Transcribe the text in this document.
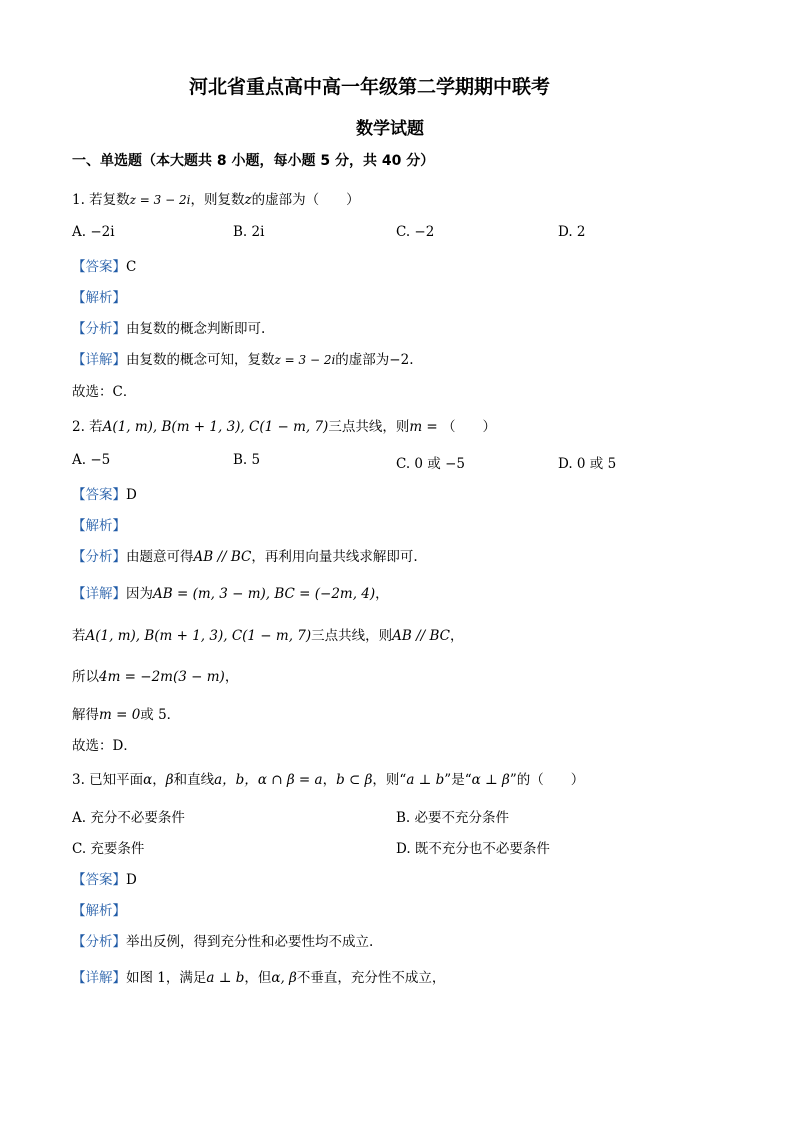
河北省重点高中高一年级第二学期期中联考
数学试题
一、单选题（本大题共 8 小题，每小题 5 分，共 40 分）
1. 若复数z = 3 − 2i，则复数z的虚部为（　　）
A. −2i	B. 2i	C. −2	D. 2
【答案】C
【解析】
【分析】由复数的概念判断即可.
【详解】由复数的概念可知，复数z = 3 − 2i的虚部为−2.
故选：C．
2. 若A(1, m), B(m + 1, 3), C(1 − m, 7)三点共线，则m = （　　）
A. −5	B. 5	C. 0 或 −5	D. 0 或 5
【答案】D
【解析】
【分析】由题意可得AB // BC，再利用向量共线求解即可.
【详解】因为AB = (m, 3 − m), BC = (−2m, 4)，
若A(1, m), B(m + 1, 3), C(1 − m, 7)三点共线，则AB // BC，
所以4m = −2m(3 − m)，
解得m = 0或 5．
故选：D．
3. 已知平面α，β和直线a，b，α ∩ β = a，b ⊂ β，则“a ⊥ b”是“α ⊥ β”的（　　）
A. 充分不必要条件	B. 必要不充分条件
C. 充要条件	D. 既不充分也不必要条件
【答案】D
【解析】
【分析】举出反例，得到充分性和必要性均不成立.
【详解】如图 1，满足a ⊥ b，但α, β不垂直，充分性不成立，
